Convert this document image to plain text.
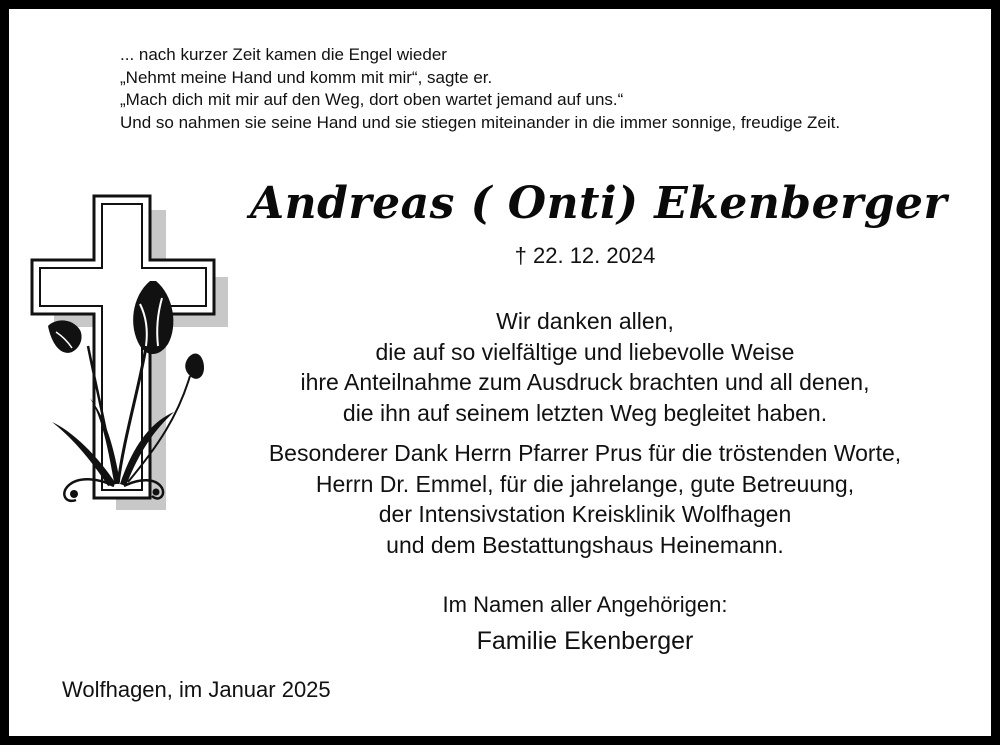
... nach kurzer Zeit kamen die Engel wieder
„Nehmt meine Hand und komm mit mir“, sagte er.
„Mach dich mit mir auf den Weg, dort oben wartet jemand auf uns.“
Und so nahmen sie seine Hand und sie stiegen miteinander in die immer sonnige, freudige Zeit.
Andreas ( Onti) Ekenberger
† 22. 12. 2024
Wir danken allen,
die auf so vielfältige und liebevolle Weise
ihre Anteilnahme zum Ausdruck brachten und all denen,
die ihn auf seinem letzten Weg begleitet haben.
Besonderer Dank Herrn Pfarrer Prus für die tröstenden Worte,
Herrn Dr. Emmel, für die jahrelange, gute Betreuung,
der Intensivstation Kreisklinik Wolfhagen
und dem Bestattungshaus Heinemann.
Im Namen aller Angehörigen:
Familie Ekenberger
Wolfhagen, im Januar 2025
